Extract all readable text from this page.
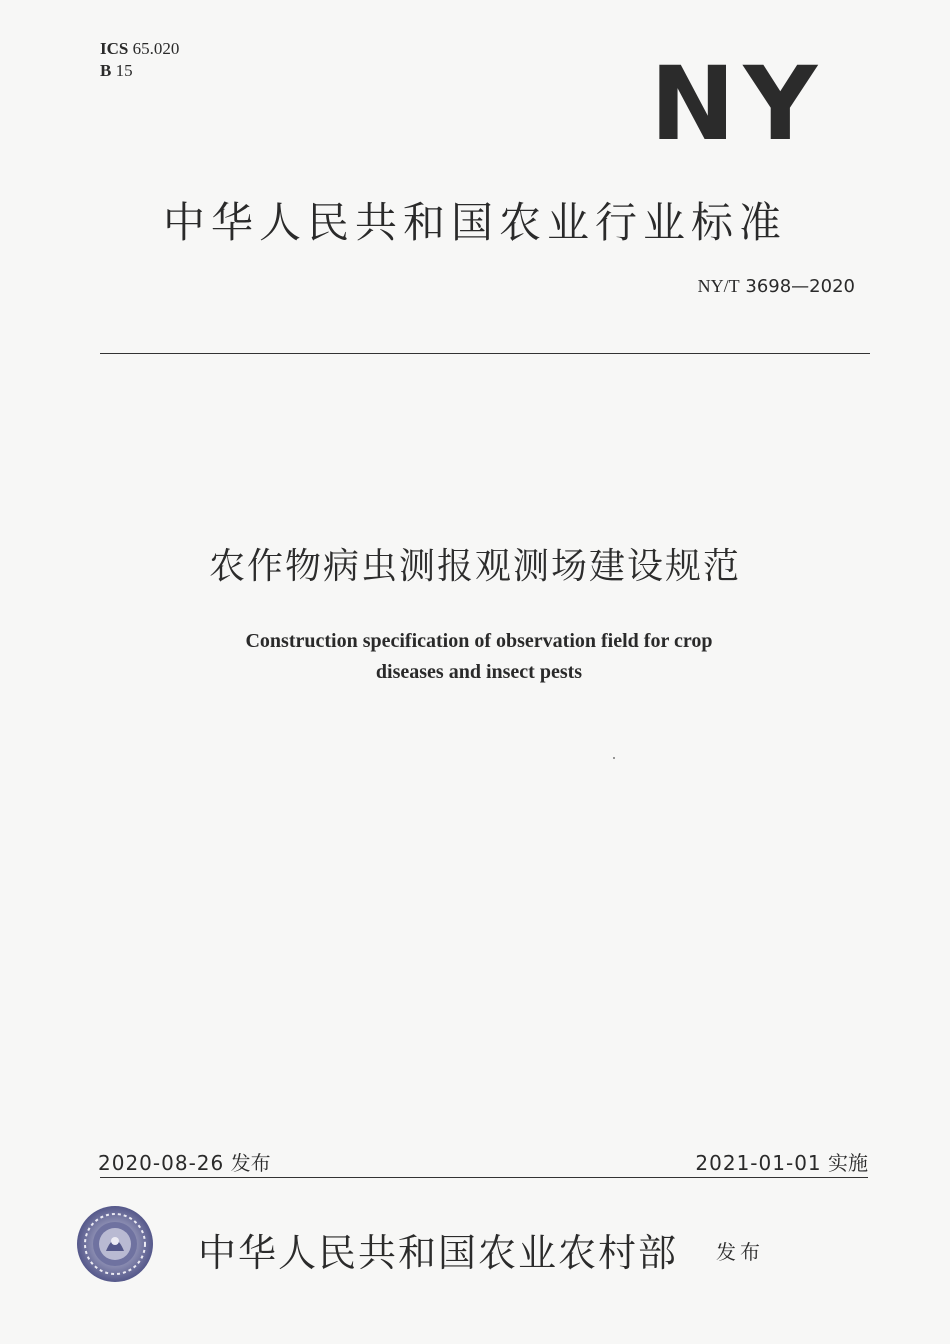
ICS 65.020
B 15	NY
中华人民共和国农业行业标准
NY/T 3698—2020
农作物病虫测报观测场建设规范
Construction specification of observation field for crop
diseases and insect pests
2020-08-26 发布	2021-01-01 实施
中华人民共和国农业农村部 发布
